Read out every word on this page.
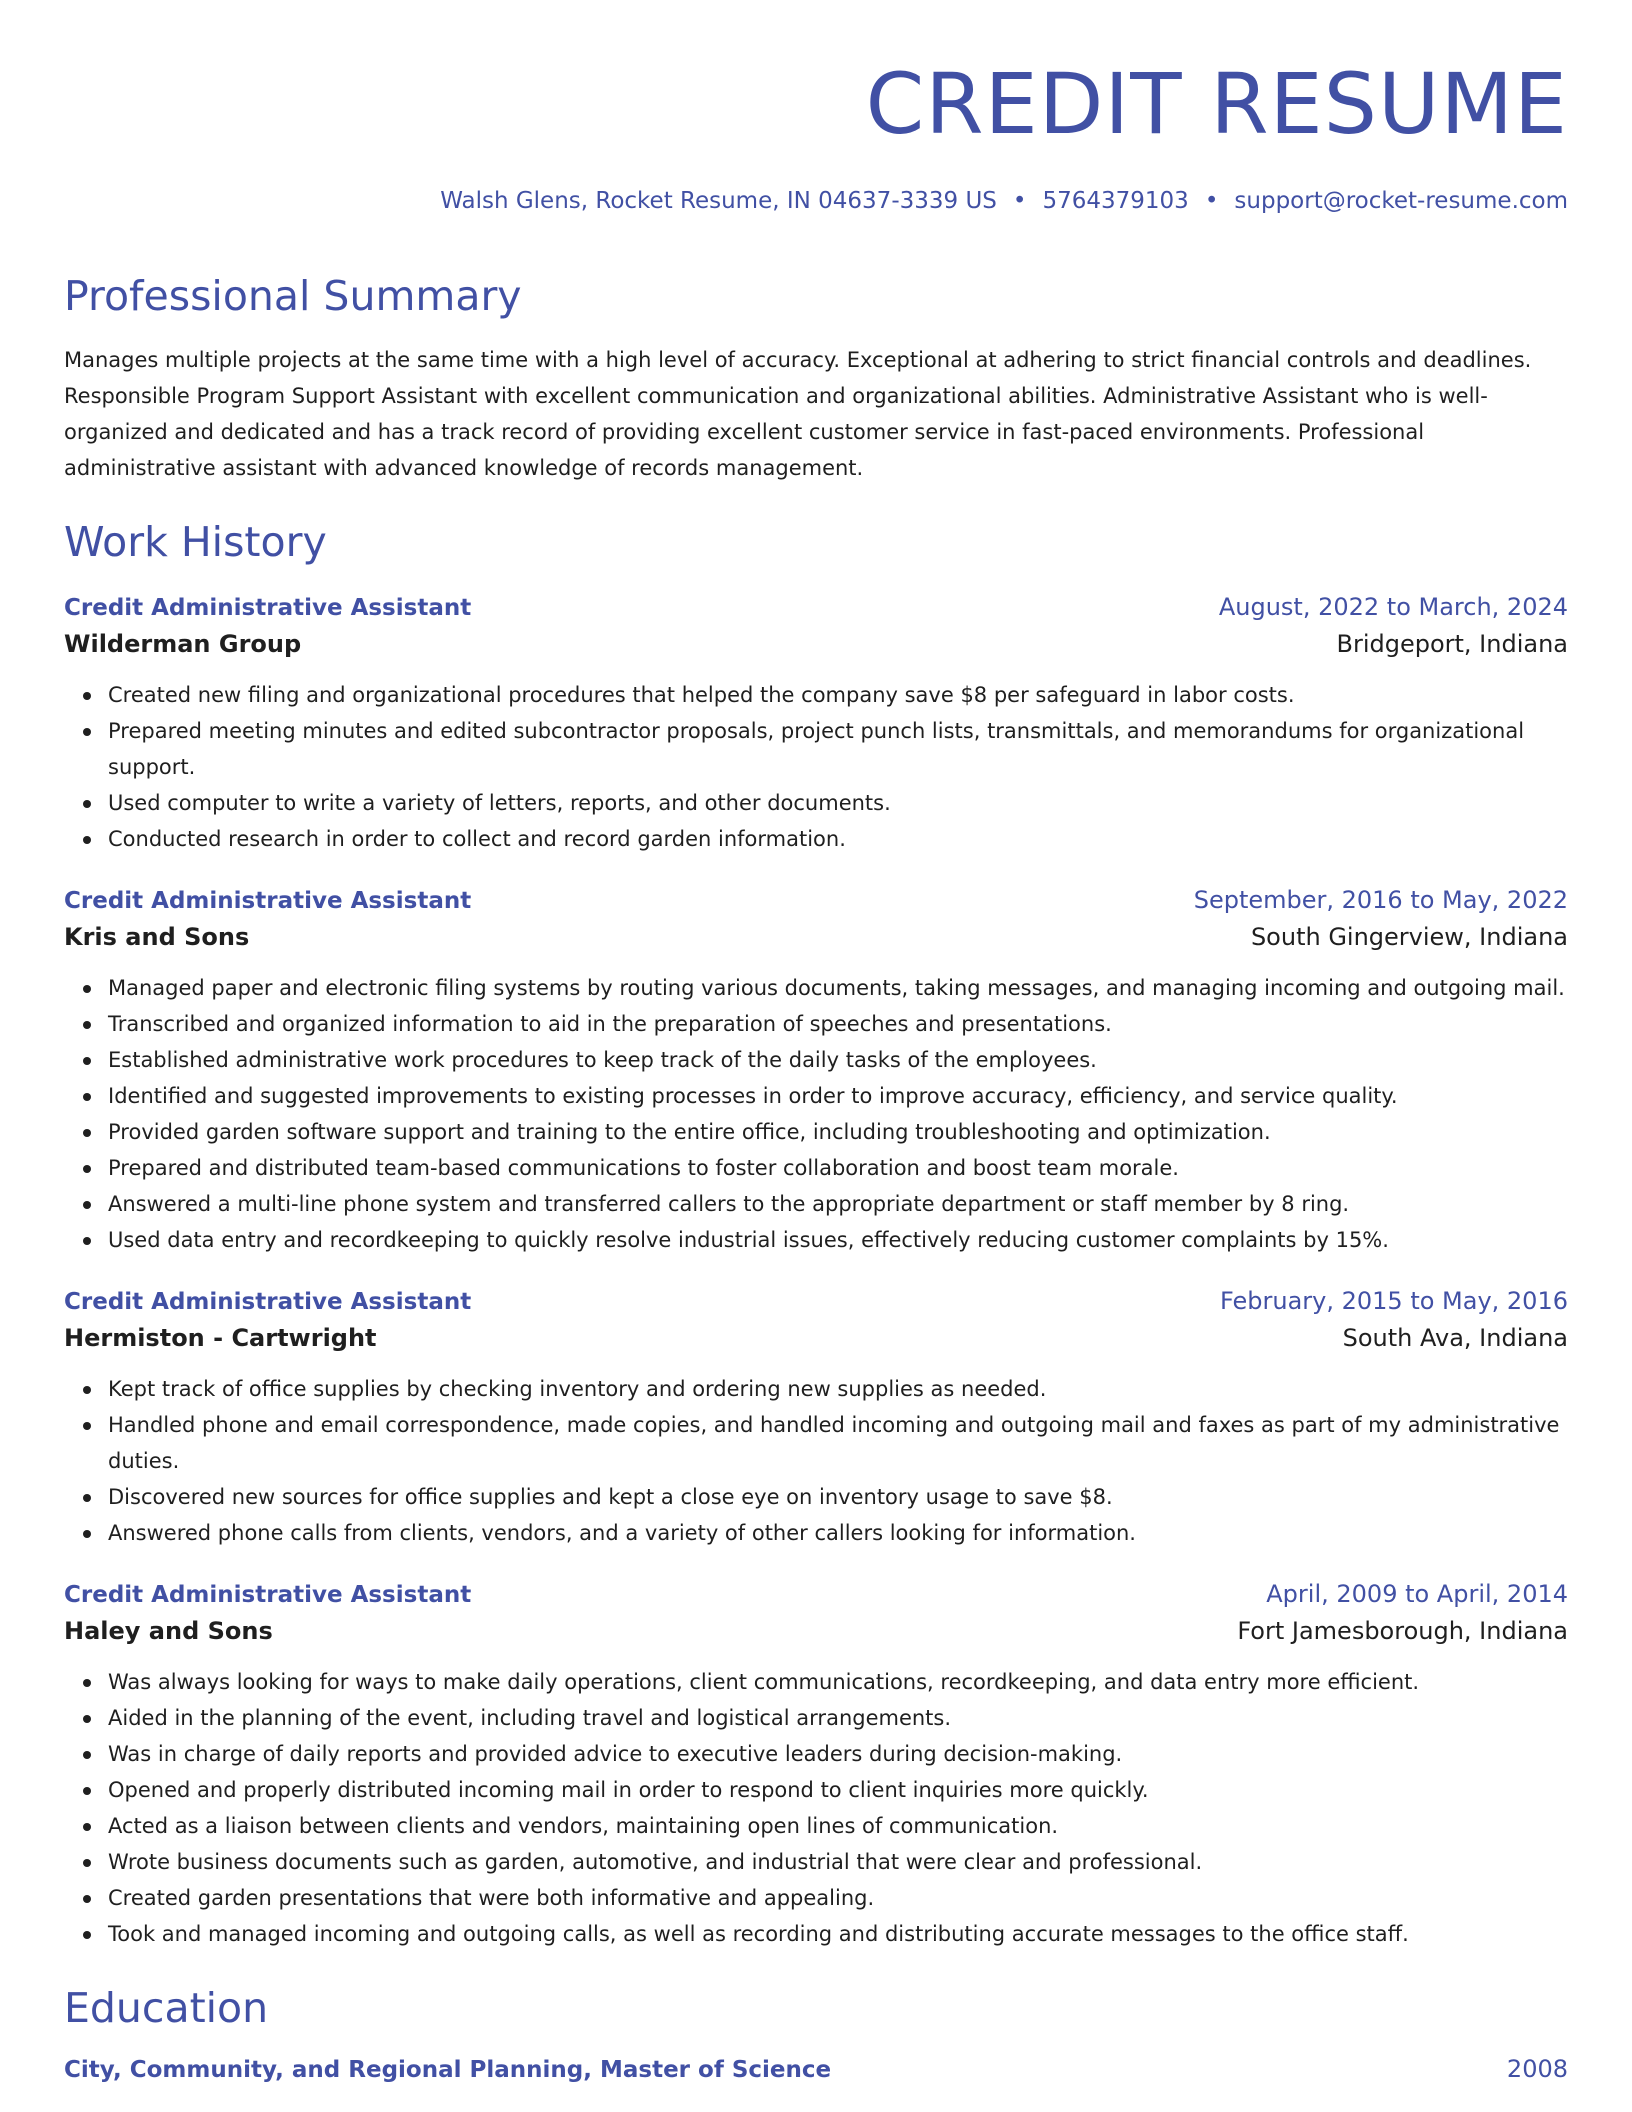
CREDIT RESUME
Walsh Glens, Rocket Resume, IN 04637-3339 US • 5764379103 • support@rocket-resume.com
Professional Summary

Manages multiple projects at the same time with a high level of accuracy. Exceptional at adhering to strict financial controls and deadlines. Responsible Program Support Assistant with excellent communication and organizational abilities. Administrative Assistant who is well-organized and dedicated and has a track record of providing excellent customer service in fast-paced environments. Professional administrative assistant with advanced knowledge of records management.

Work History
Credit Administrative Assistant	August, 2022 to March, 2024
Wilderman Group	Bridgeport, Indiana
Created new filing and organizational procedures that helped the company save $8 per safeguard in labor costs.
Prepared meeting minutes and edited subcontractor proposals, project punch lists, transmittals, and memorandums for organizational support.
Used computer to write a variety of letters, reports, and other documents.
Conducted research in order to collect and record garden information.
Credit Administrative Assistant	September, 2016 to May, 2022
Kris and Sons	South Gingerview, Indiana
Managed paper and electronic filing systems by routing various documents, taking messages, and managing incoming and outgoing mail.
Transcribed and organized information to aid in the preparation of speeches and presentations.
Established administrative work procedures to keep track of the daily tasks of the employees.
Identified and suggested improvements to existing processes in order to improve accuracy, efficiency, and service quality.
Provided garden software support and training to the entire office, including troubleshooting and optimization.
Prepared and distributed team-based communications to foster collaboration and boost team morale.
Answered a multi-line phone system and transferred callers to the appropriate department or staff member by 8 ring.
Used data entry and recordkeeping to quickly resolve industrial issues, effectively reducing customer complaints by 15%.
Credit Administrative Assistant	February, 2015 to May, 2016
Hermiston - Cartwright	South Ava, Indiana
Kept track of office supplies by checking inventory and ordering new supplies as needed.
Handled phone and email correspondence, made copies, and handled incoming and outgoing mail and faxes as part of my administrative duties.
Discovered new sources for office supplies and kept a close eye on inventory usage to save $8.
Answered phone calls from clients, vendors, and a variety of other callers looking for information.
Credit Administrative Assistant	April, 2009 to April, 2014
Haley and Sons	Fort Jamesborough, Indiana
Was always looking for ways to make daily operations, client communications, recordkeeping, and data entry more efficient.
Aided in the planning of the event, including travel and logistical arrangements.
Was in charge of daily reports and provided advice to executive leaders during decision-making.
Opened and properly distributed incoming mail in order to respond to client inquiries more quickly.
Acted as a liaison between clients and vendors, maintaining open lines of communication.
Wrote business documents such as garden, automotive, and industrial that were clear and professional.
Created garden presentations that were both informative and appealing.
Took and managed incoming and outgoing calls, as well as recording and distributing accurate messages to the office staff.
Education
City, Community, and Regional Planning, Master of Science	2008
